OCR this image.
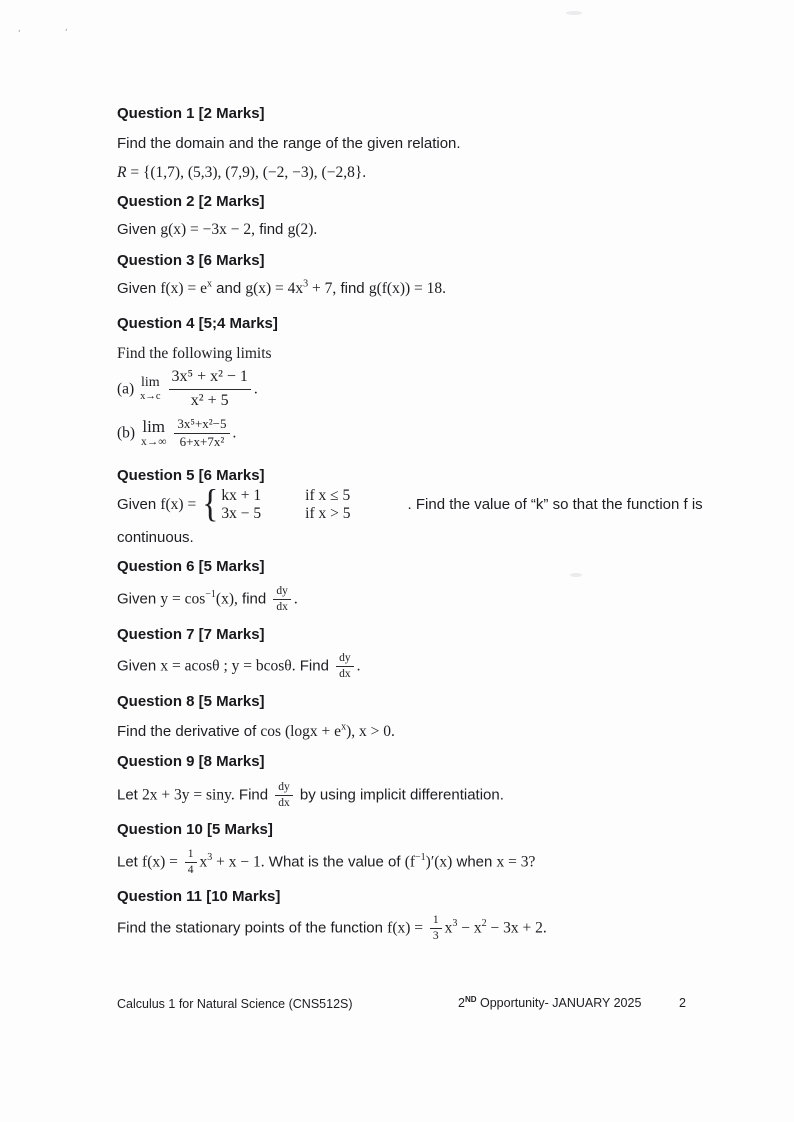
ʹ	ʹ
Question 1 [2 Marks]
Find the domain and the range of the given relation.
R = {(1,7), (5,3), (7,9), (−2, −3), (−2,8}.
Question 2 [2 Marks]
Given g(x) = −3x − 2, find g(2).
Question 3 [6 Marks]
Given $f(x) = e^x$ and $g(x) = 4x^3 + 7$, find g(f(x)) = 18.
Question 4 [5;4 Marks]
Find the following limits
(a) lim
$x\to c \frac{\text{3x⁵ + x² − 1}}{\text{x² + 5}}$ .
(b) lim
$x\to\infty \frac{\text{3x⁵+x²−5}}{\text{6+x+7x²}}$ .
Question 5 [6 Marks]
Given f(x) = { kx + 1	if x ≤ 5
3x − 5	if x > 5
. Find the value of “k” so that the function f is
continuous.
Question 6 [5 Marks]
Given $y = \cos^{-1}(x)$, find $\frac{dy}{dx}$ .
Question 7 [7 Marks]
Given x = acosθ ; y = bcosθ. Find $\frac{dy}{dx}$ .
Question 8 [5 Marks]
Find the derivative of $\cos (\log x + e^x)$, x > 0.
Question 9 [8 Marks]
Let 2x + 3y = siny. Find $\frac{dy}{dx}$ by using implicit differentiation.
Question 10 [5 Marks]
Let $f(x) = \frac{1}{4} x^3 + x - 1$. What is the value of $(f^{-1})'(x)$ when x = 3?
Question 11 [10 Marks]
Find the stationary points of the function $f(x) = \frac{1}{3} x^3 - x^2 - 3x + 2$.
Calculus 1 for Natural Science (CNS512S)	2ND Opportunity- JANUARY 2025	2
